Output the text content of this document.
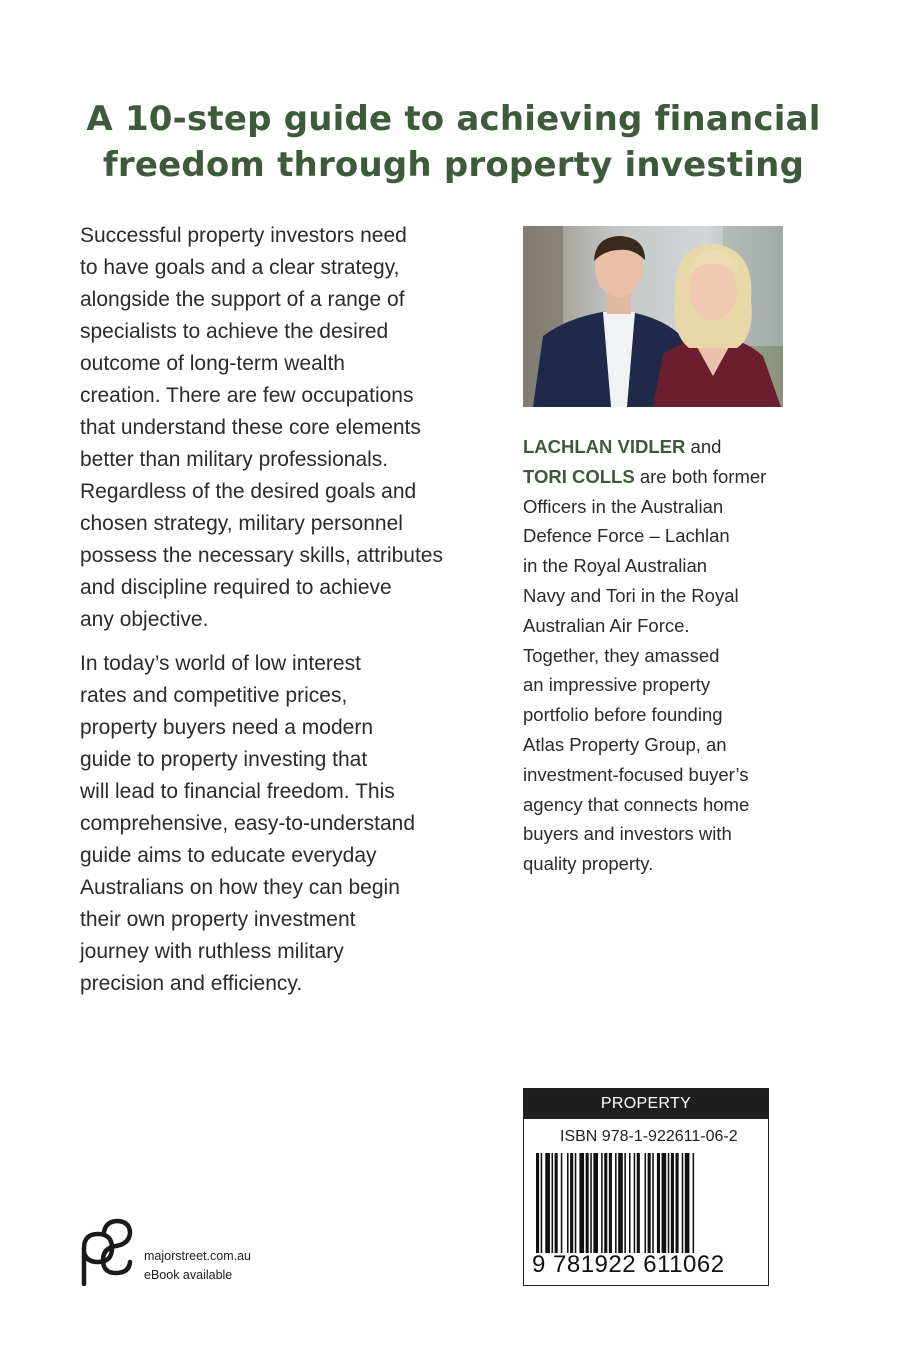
A 10-step guide to achieving financial
freedom through property investing

Successful property investors need
to have goals and a clear strategy,
alongside the support of a range of
specialists to achieve the desired
outcome of long-term wealth
creation. There are few occupations
that understand these core elements
better than military professionals.
Regardless of the desired goals and
chosen strategy, military personnel
possess the necessary skills, attributes
and discipline required to achieve
any objective.

In today’s world of low interest
rates and competitive prices,
property buyers need a modern
guide to property investing that
will lead to financial freedom. This
comprehensive, easy-to-understand
guide aims to educate everyday
Australians on how they can begin
their own property investment
journey with ruthless military
precision and efficiency.

LACHLAN VIDLER and
TORI COLLS are both former
Officers in the Australian
Defence Force – Lachlan
in the Royal Australian
Navy and Tori in the Royal
Australian Air Force.
Together, they amassed
an impressive property
portfolio before founding
Atlas Property Group, an
investment-focused buyer’s
agency that connects home
buyers and investors with
quality property.
PROPERTY
ISBN 978-1-922611-06-2
9 781922 611062
majorstreet.com.au
eBook available
